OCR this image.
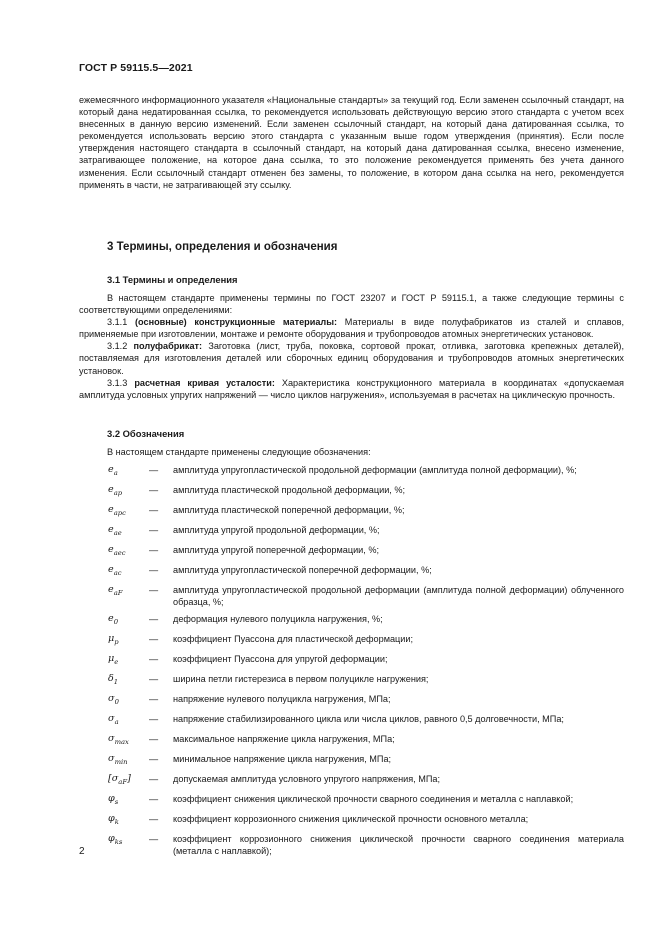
ГОСТ Р 59115.5—2021

ежемесячного информационного указателя «Национальные стандарты» за текущий год. Если заменен ссылочный стандарт, на который дана недатированная ссылка, то рекомендуется использовать действующую версию этого стандарта с учетом всех внесенных в данную версию изменений. Если заменен ссылочный стандарт, на который дана датированная ссылка, то рекомендуется использовать версию этого стандарта с указанным выше годом утверждения (принятия). Если после утверждения настоящего стандарта в ссылочный стандарт, на который дана датированная ссылка, внесено изменение, затрагивающее положение, на которое дана ссылка, то это положение рекомендуется применять без учета данного изменения. Если ссылочный стандарт отменен без замены, то положение, в котором дана ссылка на него, рекомендуется применять в части, не затрагивающей эту ссылку.

3 Термины, определения и обозначения
3.1 Термины и определения

В настоящем стандарте применены термины по ГОСТ 23207 и ГОСТ Р 59115.1, а также следующие термины с соответствующими определениями:

3.1.1 (основные) конструкционные материалы: Материалы в виде полуфабрикатов из сталей и сплавов, применяемые при изготовлении, монтаже и ремонте оборудования и трубопроводов атомных энергетических установок.

3.1.2 полуфабрикат: Заготовка (лист, труба, поковка, сортовой прокат, отливка, заготовка крепежных деталей), поставляемая для изготовления деталей или сборочных единиц оборудования и трубопроводов атомных энергетических установок.

3.1.3 расчетная кривая усталости: Характеристика конструкционного материала в координатах «допускаемая амплитуда условных упругих напряжений — число циклов нагружения», используемая в расчетах на циклическую прочность.

3.2 Обозначения

В настоящем стандарте применены следующие обозначения:

$e_a$	—	амплитуда упругопластической продольной деформации (амплитуда полной деформации), %;
$e_{ap}$	—	амплитуда пластической продольной деформации, %;
$e_{apc}$	—	амплитуда пластической поперечной деформации, %;
$e_{ae}$	—	амплитуда упругой продольной деформации, %;
$e_{aec}$	—	амплитуда упругой поперечной деформации, %;
$e_{ac}$	—	амплитуда упругопластической поперечной деформации, %;
$e_{aF}$	—	амплитуда упругопластической продольной деформации (амплитуда полной деформации) облученного образца, %;
$e_0$	—	деформация нулевого полуцикла нагружения, %;
$\mu_p$	—	коэффициент Пуассона для пластической деформации;
$\mu_e$	—	коэффициент Пуассона для упругой деформации;
$\delta_1$	—	ширина петли гистерезиса в первом полуцикле нагружения;
$\sigma_0$	—	напряжение нулевого полуцикла нагружения, МПа;
$\sigma_a$	—	напряжение стабилизированного цикла или числа циклов, равного 0,5 долговечности, МПа;
$\sigma_{max}$	—	максимальное напряжение цикла нагружения, МПа;
$\sigma_{min}$	—	минимальное напряжение цикла нагружения, МПа;
$[\sigma_{aF}]$	—	допускаемая амплитуда условного упругого напряжения, МПа;
$\varphi_s$	—	коэффициент снижения циклической прочности сварного соединения и металла с наплавкой;
$\varphi_k$	—	коэффициент коррозионного снижения циклической прочности основного металла;
$\varphi_{ks}$	—	коэффициент коррозионного снижения циклической прочности сварного соединения материала (металла с наплавкой);
2
